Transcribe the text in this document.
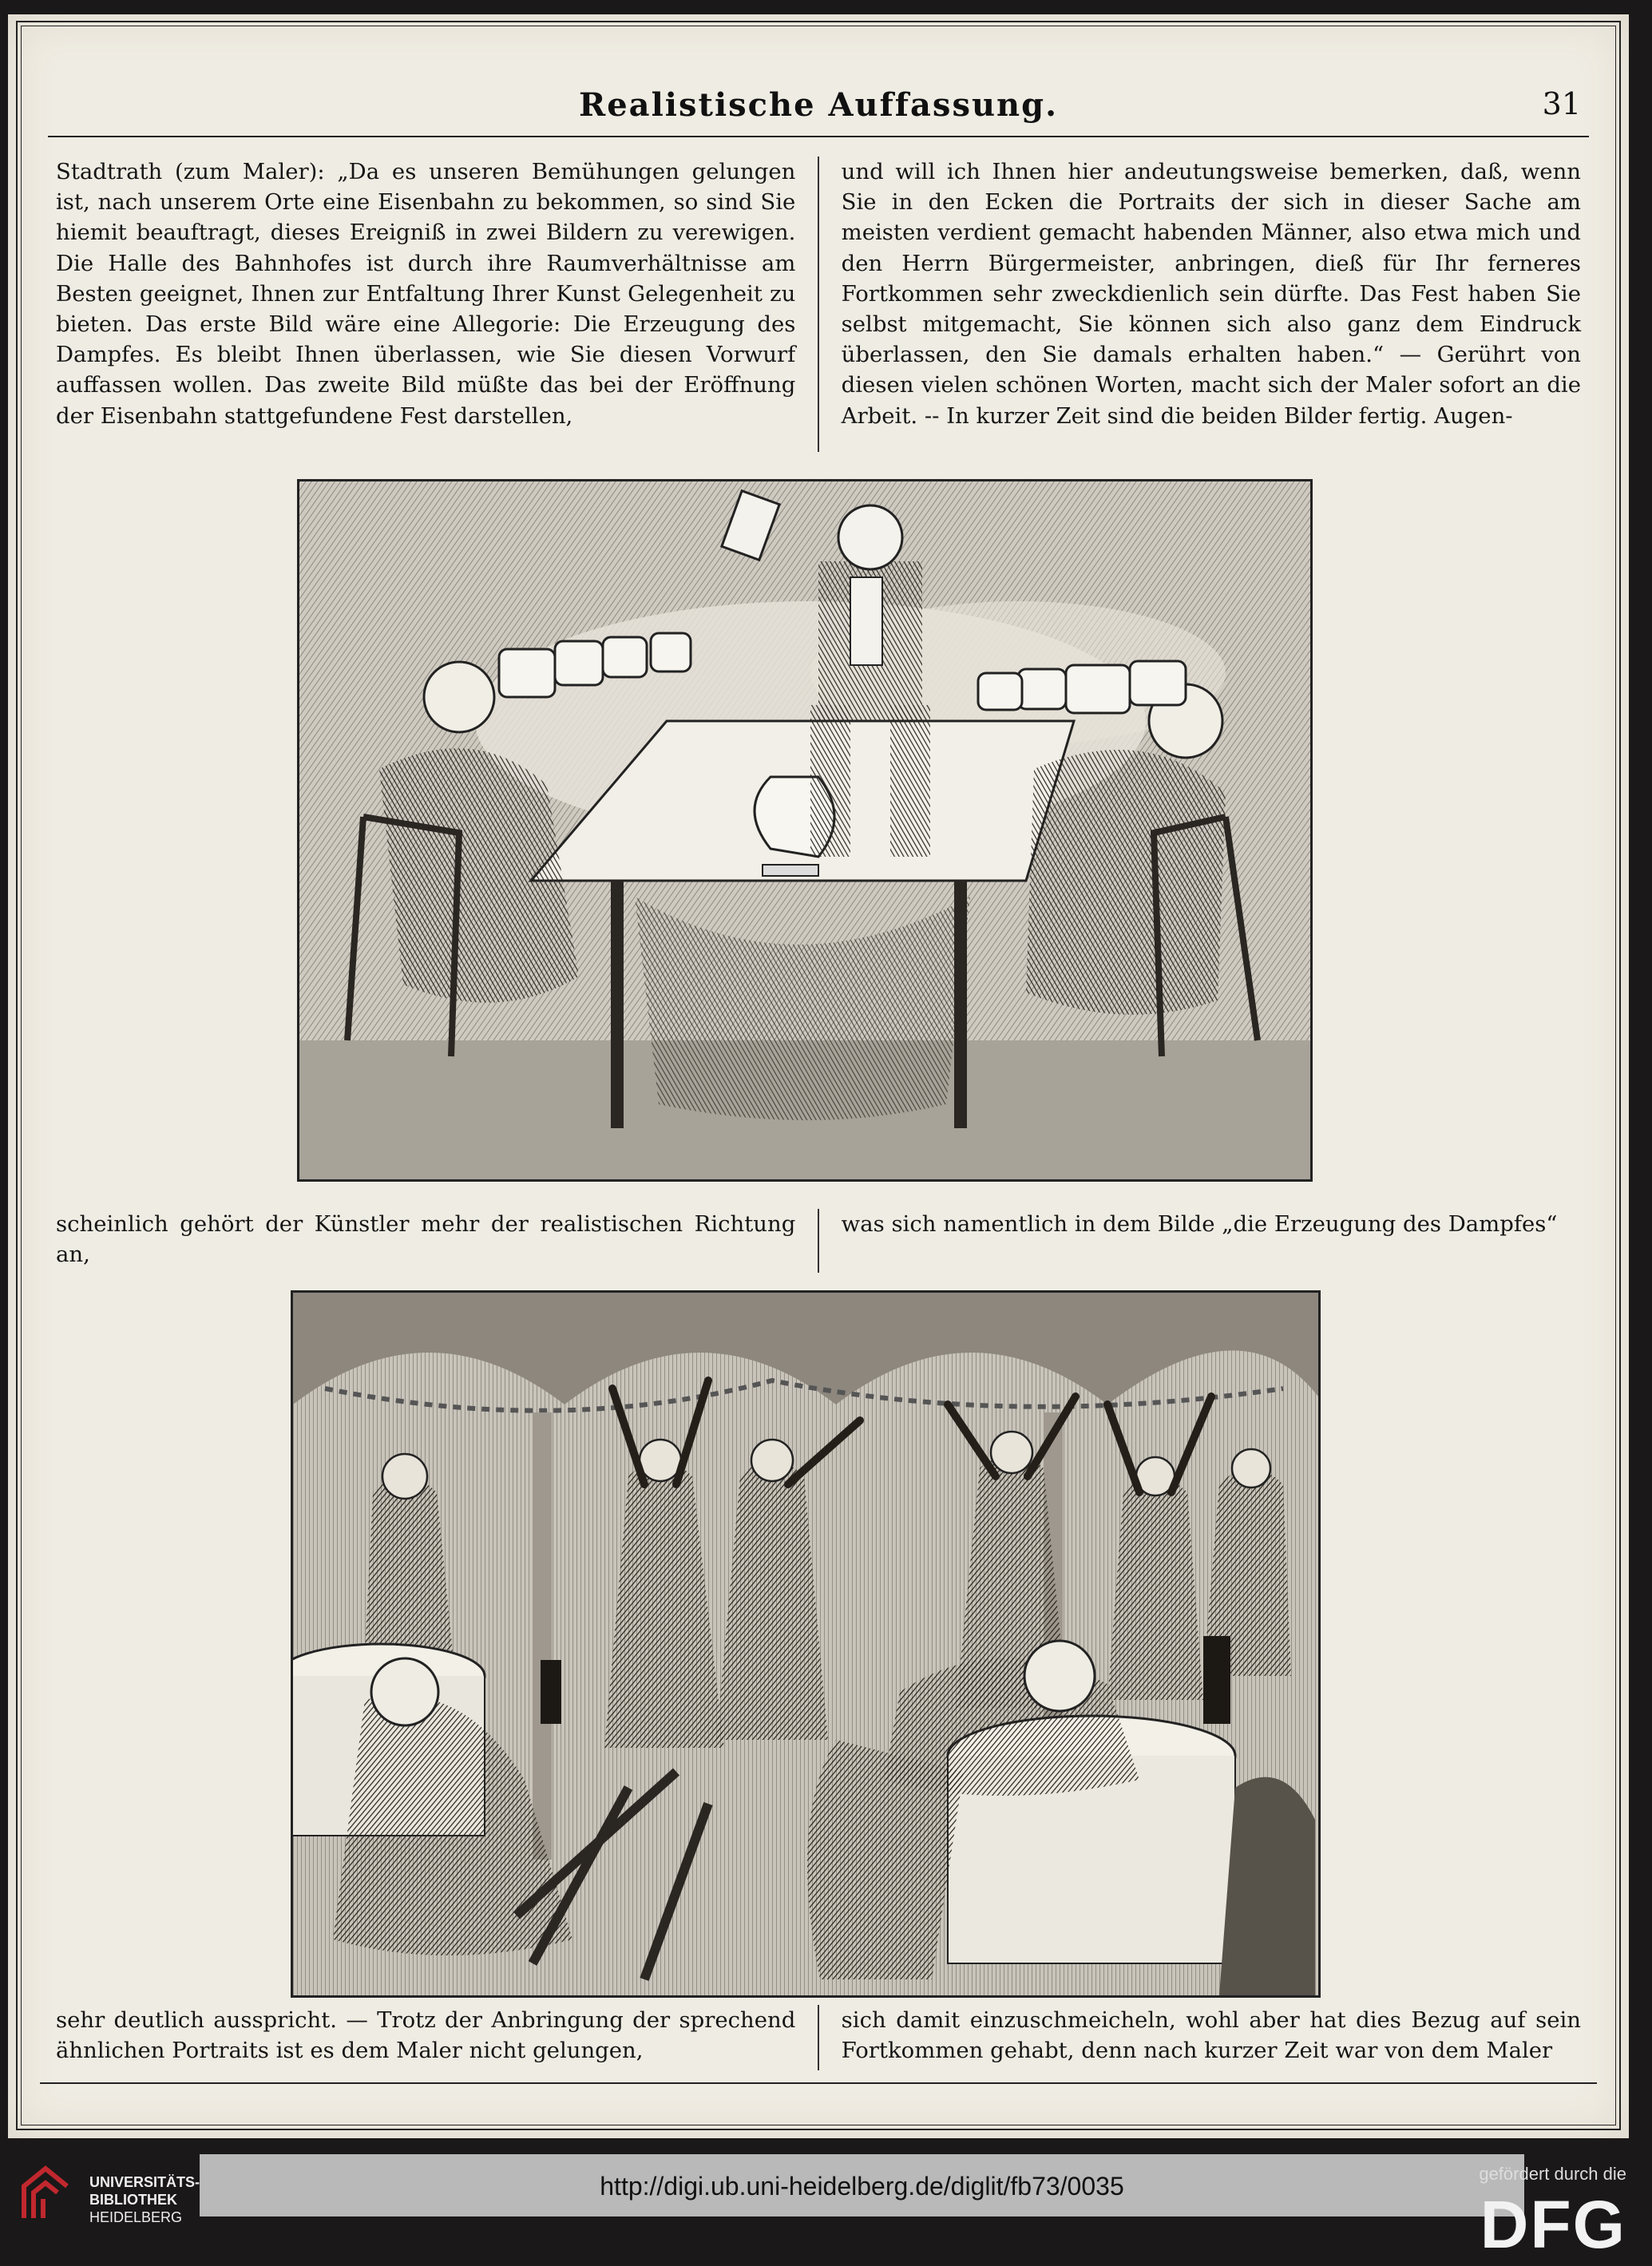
Realistische Auffassung.	31
Stadtrath (zum Maler): „Da es unseren Bemühungen gelungen ist, nach unserem Orte eine Eisenbahn zu bekommen, so sind Sie hiemit beauftragt, dieses Ereigniß in zwei Bildern zu verewigen. Die Halle des Bahnhofes ist durch ihre Raumverhältnisse am Besten geeignet, Ihnen zur Entfaltung Ihrer Kunst Gelegenheit zu bieten. Das erste Bild wäre eine Allegorie: Die Erzeugung des Dampfes. Es bleibt Ihnen überlassen, wie Sie diesen Vorwurf auffassen wollen. Das zweite Bild müßte das bei der Eröffnung der Eisenbahn stattgefundene Fest darstellen,
und will ich Ihnen hier andeutungsweise bemerken, daß, wenn Sie in den Ecken die Portraits der sich in dieser Sache am meisten verdient gemacht habenden Männer, also etwa mich und den Herrn Bürgermeister, anbringen, dieß für Ihr ferneres Fortkommen sehr zweckdienlich sein dürfte. Das Fest haben Sie selbst mitgemacht, Sie können sich also ganz dem Eindruck überlassen, den Sie damals erhalten haben.“ — Gerührt von diesen vielen schönen Worten, macht sich der Maler sofort an die Arbeit. -- In kurzer Zeit sind die beiden Bilder fertig. Augen-
scheinlich gehört der Künstler mehr der realistischen Richtung an,
was sich namentlich in dem Bilde „die Erzeugung des Dampfes“
sehr deutlich ausspricht. — Trotz der Anbringung der sprechend ähnlichen Portraits ist es dem Maler nicht gelungen,
sich damit einzuschmeicheln, wohl aber hat dies Bezug auf sein Fortkommen gehabt, denn nach kurzer Zeit war von dem Maler
UNIVERSITÄTS-
BIBLIOTHEK
HEIDELBERG
http://digi.ub.uni-heidelberg.de/diglit/fb73/0035	gefördert durch die
DFG
